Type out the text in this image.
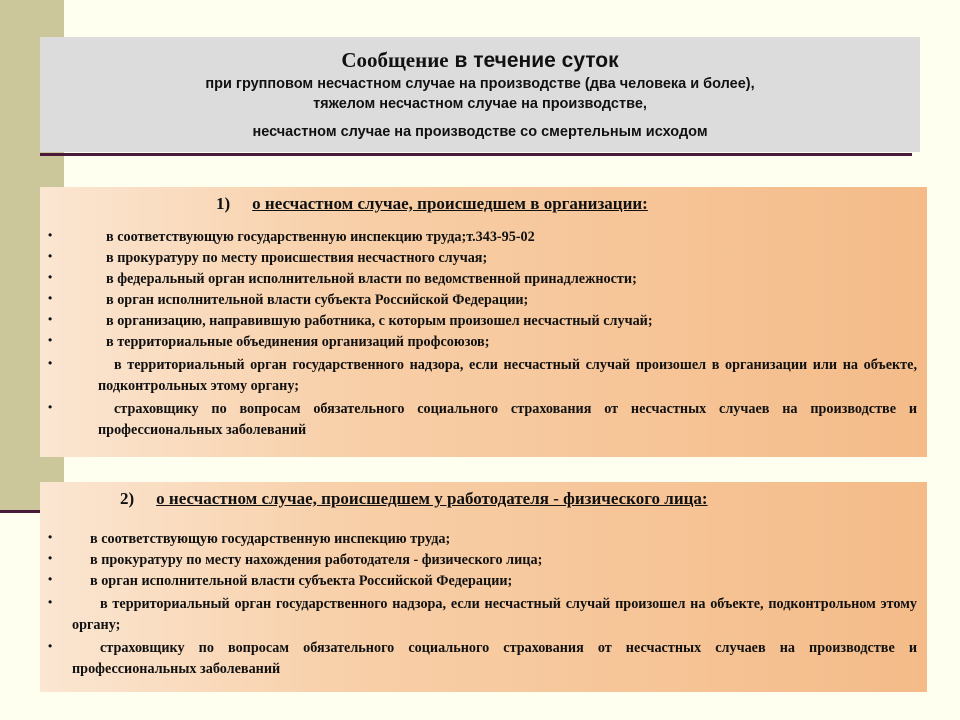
Сообщение в течение суток
при групповом несчастном случае на производстве (два человека и более),
тяжелом несчастном случае на производстве,
несчастном случае на производстве со смертельным исходом
1) о несчастном случае, происшедшем в организации:
•	в соответствующую государственную инспекцию труда;т.343-95-02
•	в прокуратуру по месту происшествия несчастного случая;
•	в федеральный орган исполнительной власти по ведомственной принадлежности;
•	в орган исполнительной власти субъекта Российской Федерации;
•	в организацию, направившую работника, с которым произошел несчастный случай;
•	в территориальные объединения организаций профсоюзов;
•	в территориальный орган государственного надзора, если несчастный случай произошел в организации или на объекте, подконтрольных этому органу;
•	страховщику по вопросам обязательного социального страхования от несчастных случаев на производстве и профессиональных заболеваний
2) о несчастном случае, происшедшем у работодателя - физического лица:
•	в соответствующую государственную инспекцию труда;
•	в прокуратуру по месту нахождения работодателя - физического лица;
•	в орган исполнительной власти субъекта Российской Федерации;
•	в территориальный орган государственного надзора, если несчастный случай произошел на объекте, подконтрольном этому органу;
•	страховщику по вопросам обязательного социального страхования от несчастных случаев на производстве и профессиональных заболеваний
